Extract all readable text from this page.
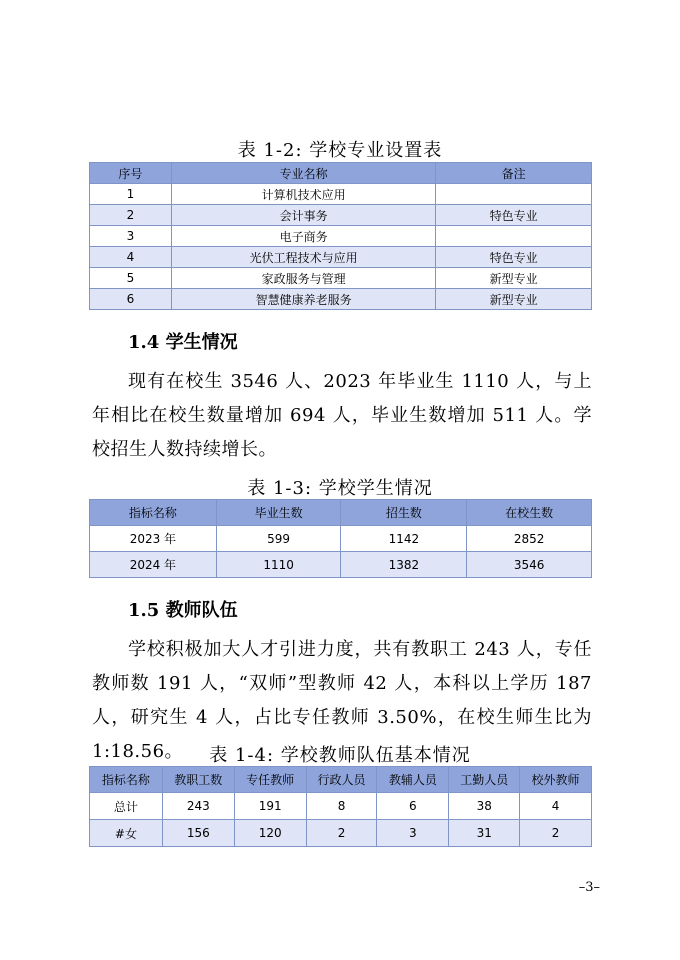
表 1-2: 学校专业设置表
序号	专业名称	备注
1	计算机技术应用	
2	会计事务	特色专业
3	电子商务	
4	光伏工程技术与应用	特色专业
5	家政服务与管理	新型专业
6	智慧健康养老服务	新型专业
1.4 学生情况
现有在校生 3546 人、2023 年毕业生 1110 人，与上年相比在校生数量增加 694 人，毕业生数增加 511 人。学校招生人数持续增长。
表 1-3: 学校学生情况
指标名称	毕业生数	招生数	在校生数
2023 年	599	1142	2852
2024 年	1110	1382	3546
1.5 教师队伍
学校积极加大人才引进力度，共有教职工 243 人，专任教师数 191 人，“双师”型教师 42 人，本科以上学历 187 人，研究生 4 人，占比专任教师 3.50%，在校生师生比为 1:18.56。	表 1-4: 学校教师队伍基本情况
指标名称	教职工数	专任教师	行政人员	教辅人员	工勤人员	校外教师
总计	243	191	8	6	38	4
#女	156	120	2	3	31	2
–3–
